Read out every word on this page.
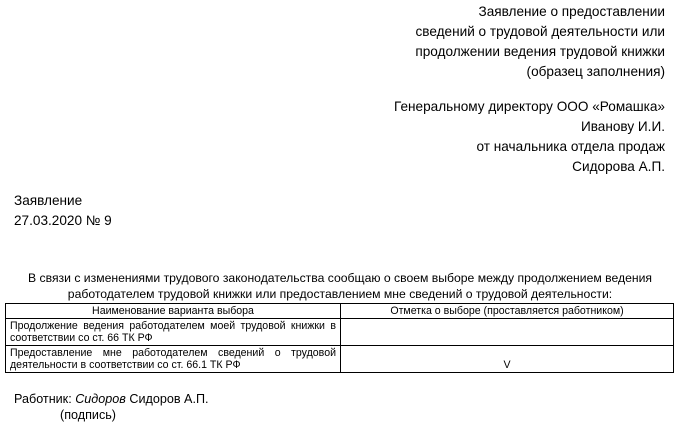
Заявление о предоставлении
сведений о трудовой деятельности или
продолжении ведения трудовой книжки
(образец заполнения)
Генеральному директору ООО «Ромашка»
Иванову И.И.
от начальника отдела продаж
Сидорова А.П.
Заявление
27.03.2020 № 9
В связи с изменениями трудового законодательства сообщаю о своем выборе между продолжением ведения работодателем трудовой книжки или предоставлением мне сведений о трудовой деятельности:
Наименование варианта выбора	Отметка о выборе (проставляется работником)
Продолжение ведения работодателем моей трудовой книжки в соответствии со ст. 66 ТК РФ	
Предоставление мне работодателем сведений о трудовой деятельности в соответствии со ст. 66.1 ТК РФ	V
Работник: Сидоров Сидоров А.П.
(подпись)
